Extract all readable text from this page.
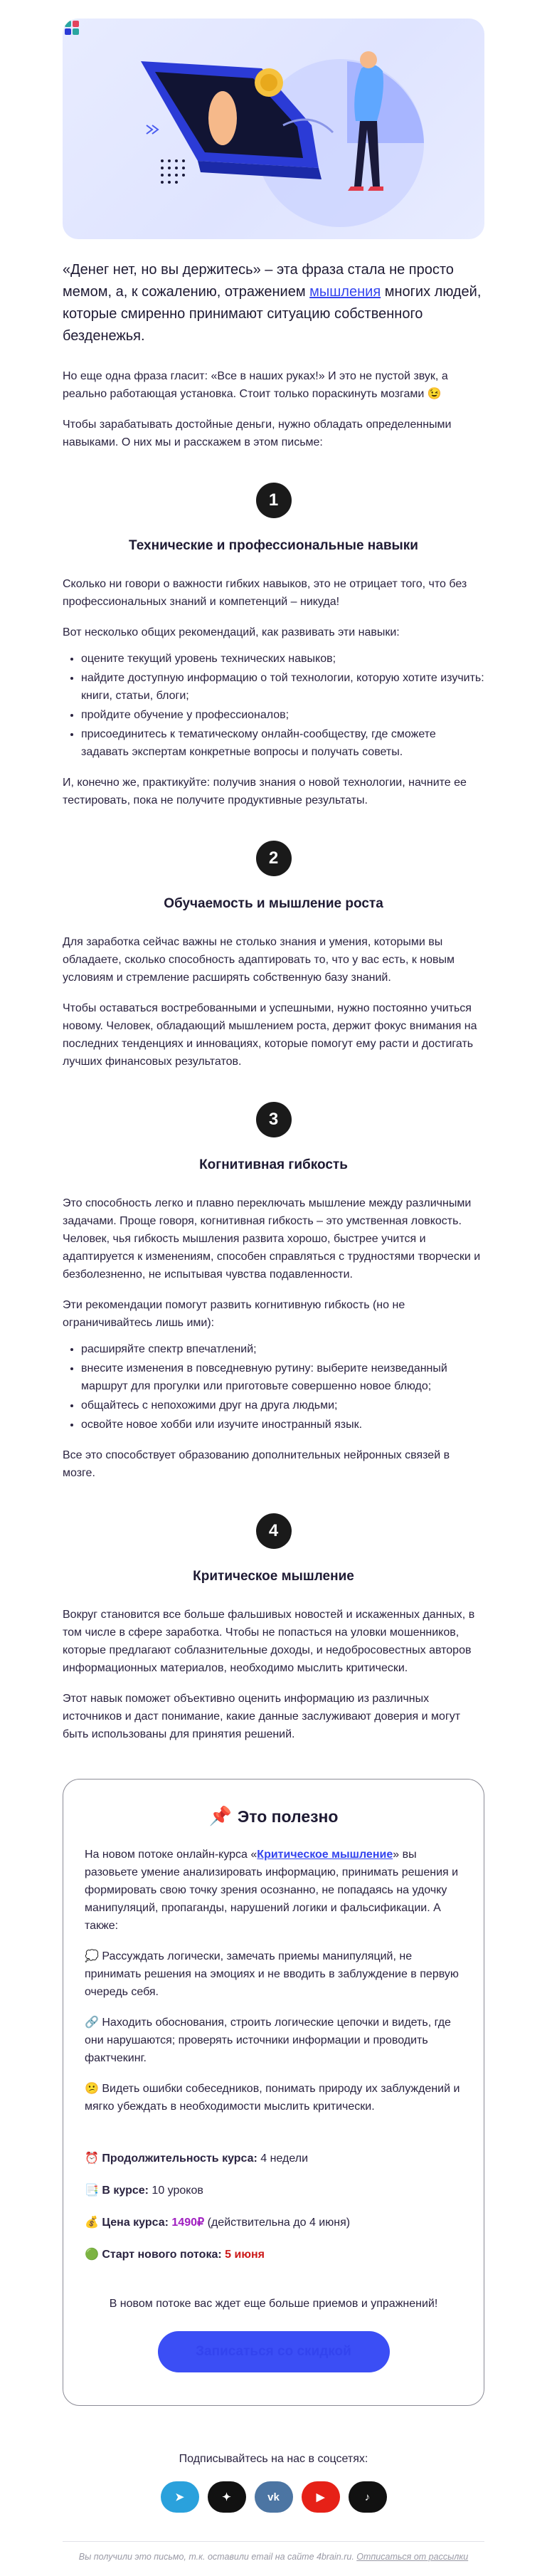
«Денег нет, но вы держитесь» – эта фраза стала не просто мемом, а, к сожалению, отражением мышления многих людей, которые смиренно принимают ситуацию собственного безденежья.

Но еще одна фраза гласит: «Все в наших руках!» И это не пустой звук, а реально работающая установка. Стоит только пораскинуть мозгами 😉

Чтобы зарабатывать достойные деньги, нужно обладать определенными навыками. О них мы и расскажем в этом письме:

1
Технические и профессиональные навыки

Сколько ни говори о важности гибких навыков, это не отрицает того, что без профессиональных знаний и компетенций – никуда!

Вот несколько общих рекомендаций, как развивать эти навыки:

• оцените текущий уровень технических навыков;
• найдите доступную информацию о той технологии, которую хотите изучить: книги, статьи, блоги;
• пройдите обучение у профессионалов;
• присоединитесь к тематическому онлайн-сообществу, где сможете задавать экспертам конкретные вопросы и получать советы.

И, конечно же, практикуйте: получив знания о новой технологии, начните ее тестировать, пока не получите продуктивные результаты.

2
Обучаемость и мышление роста

Для заработка сейчас важны не столько знания и умения, которыми вы обладаете, сколько способность адаптировать то, что у вас есть, к новым условиям и стремление расширять собственную базу знаний.

Чтобы оставаться востребованными и успешными, нужно постоянно учиться новому. Человек, обладающий мышлением роста, держит фокус внимания на последних тенденциях и инновациях, которые помогут ему расти и достигать лучших финансовых результатов.

3
Когнитивная гибкость

Это способность легко и плавно переключать мышление между различными задачами. Проще говоря, когнитивная гибкость – это умственная ловкость. Человек, чья гибкость мышления развита хорошо, быстрее учится и адаптируется к изменениям, способен справляться с трудностями творчески и безболезненно, не испытывая чувства подавленности.

Эти рекомендации помогут развить когнитивную гибкость (но не ограничивайтесь лишь ими):

• расширяйте спектр впечатлений;
• внесите изменения в повседневную рутину: выберите неизведанный маршрут для прогулки или приготовьте совершенно новое блюдо;
• общайтесь с непохожими друг на друга людьми;
• освойте новое хобби или изучите иностранный язык.

Все это способствует образованию дополнительных нейронных связей в мозге.

4
Критическое мышление

Вокруг становится все больше фальшивых новостей и искаженных данных, в том числе в сфере заработка. Чтобы не попасться на уловки мошенников, которые предлагают соблазнительные доходы, и недобросовестных авторов информационных материалов, необходимо мыслить критически.

Этот навык поможет объективно оценить информацию из различных источников и даст понимание, какие данные заслуживают доверия и могут быть использованы для принятия решений.

📌 Это полезно

На новом потоке онлайн-курса «Критическое мышление» вы разовьете умение анализировать информацию, принимать решения и формировать свою точку зрения осознанно, не попадаясь на удочку манипуляций, пропаганды, нарушений логики и фальсификации. А также:

💭 Рассуждать логически, замечать приемы манипуляций, не принимать решения на эмоциях и не вводить в заблуждение в первую очередь себя.

🔗 Находить обоснования, строить логические цепочки и видеть, где они нарушаются; проверять источники информации и проводить фактчекинг.

😕 Видеть ошибки собеседников, понимать природу их заблуждений и мягко убеждать в необходимости мыслить критически.

⏰ Продолжительность курса: 4 недели

📑 В курсе: 10 уроков

💰 Цена курса: 1490₽ (действительна до 4 июня)

🟢 Старт нового потока: 5 июня

В новом потоке вас ждет еще больше приемов и упражнений!

Записаться со скидкой

Подписывайтесь на нас в соцсетях:

➤	✦	vk	▶	♪

Вы получили это письмо, т.к. оставили email на сайте 4brain.ru. Отписаться от рассылки
